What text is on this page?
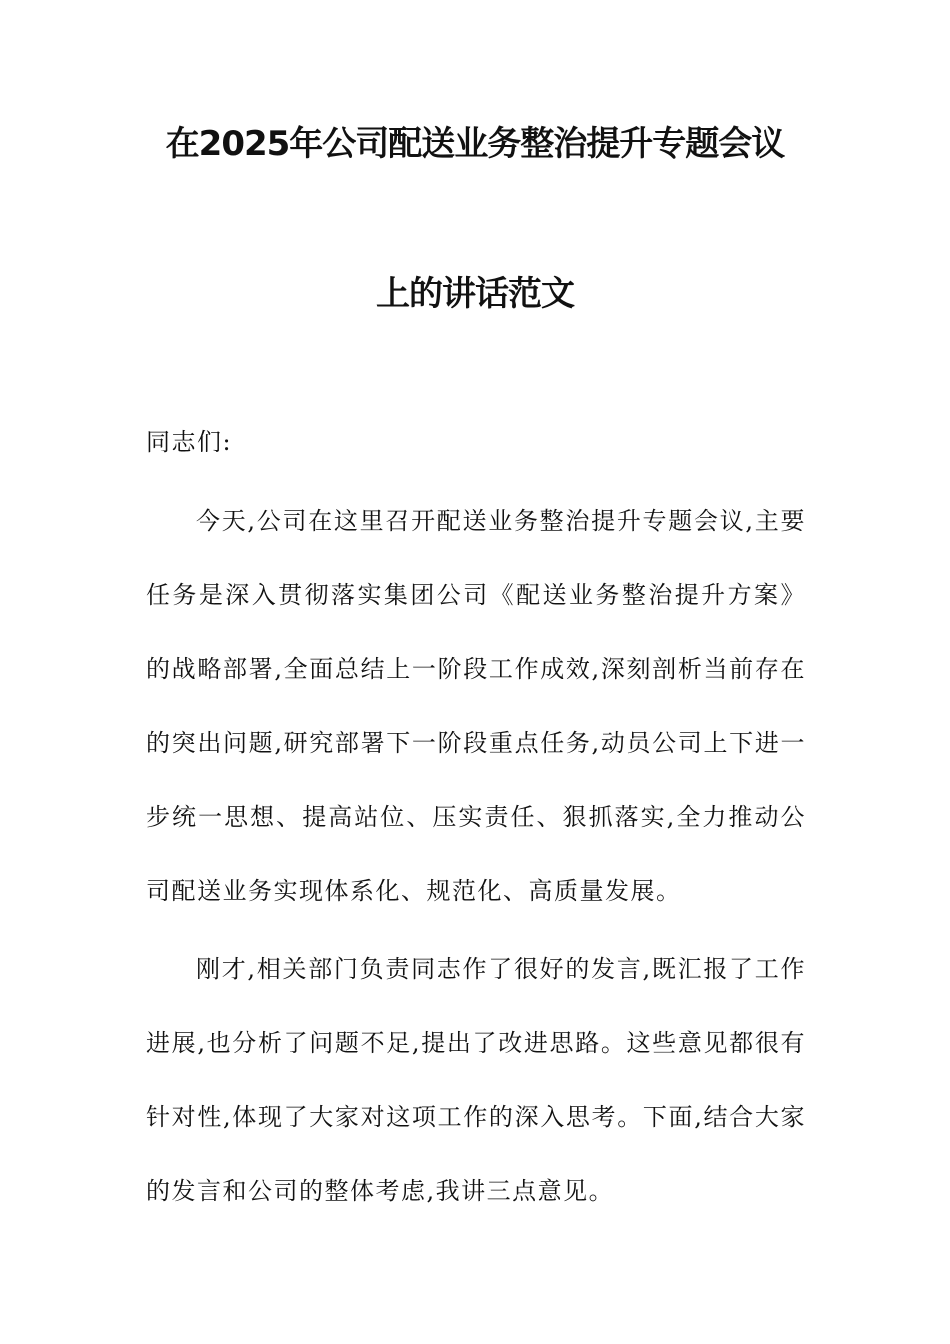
在2025年公司配送业务整治提升专题会议
上的讲话范文
同志们:

今天,公司在这里召开配送业务整治提升专题会议,主要任务是深入贯彻落实集团公司《配送业务整治提升方案》的战略部署,全面总结上一阶段工作成效,深刻剖析当前存在的突出问题,研究部署下一阶段重点任务,动员公司上下进一步统一思想、提高站位、压实责任、狠抓落实,全力推动公司配送业务实现体系化、规范化、高质量发展。

刚才,相关部门负责同志作了很好的发言,既汇报了工作进展,也分析了问题不足,提出了改进思路。这些意见都很有针对性,体现了大家对这项工作的深入思考。下面,结合大家的发言和公司的整体考虑,我讲三点意见。
